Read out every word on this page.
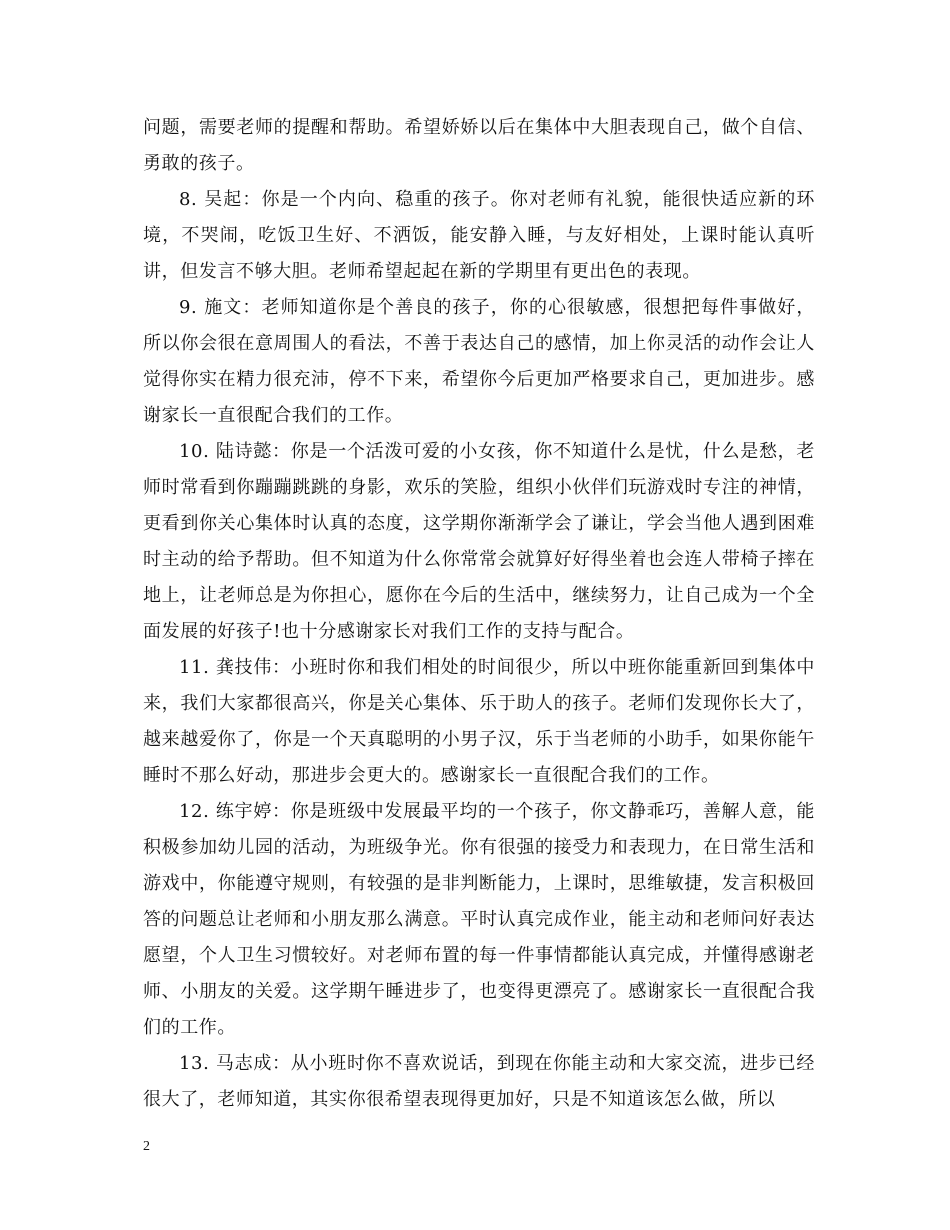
问题，需要老师的提醒和帮助。希望娇娇以后在集体中大胆表现自己，做个自信、勇敢的孩子。

8. 吴起：你是一个内向、稳重的孩子。你对老师有礼貌，能很快适应新的环境，不哭闹，吃饭卫生好、不洒饭，能安静入睡，与友好相处，上课时能认真听讲，但发言不够大胆。老师希望起起在新的学期里有更出色的表现。

9. 施文：老师知道你是个善良的孩子，你的心很敏感，很想把每件事做好，所以你会很在意周围人的看法，不善于表达自己的感情，加上你灵活的动作会让人觉得你实在精力很充沛，停不下来，希望你今后更加严格要求自己，更加进步。感谢家长一直很配合我们的工作。

10. 陆诗懿：你是一个活泼可爱的小女孩，你不知道什么是忧，什么是愁，老师时常看到你蹦蹦跳跳的身影，欢乐的笑脸，组织小伙伴们玩游戏时专注的神情，更看到你关心集体时认真的态度，这学期你渐渐学会了谦让，学会当他人遇到困难时主动的给予帮助。但不知道为什么你常常会就算好好得坐着也会连人带椅子摔在地上，让老师总是为你担心，愿你在今后的生活中，继续努力，让自己成为一个全面发展的好孩子!也十分感谢家长对我们工作的支持与配合。

11. 龚技伟：小班时你和我们相处的时间很少，所以中班你能重新回到集体中来，我们大家都很高兴，你是关心集体、乐于助人的孩子。老师们发现你长大了，越来越爱你了，你是一个天真聪明的小男子汉，乐于当老师的小助手，如果你能午睡时不那么好动，那进步会更大的。感谢家长一直很配合我们的工作。

12. 练宇婷：你是班级中发展最平均的一个孩子，你文静乖巧，善解人意，能积极参加幼儿园的活动，为班级争光。你有很强的接受力和表现力，在日常生活和游戏中，你能遵守规则，有较强的是非判断能力，上课时，思维敏捷，发言积极回答的问题总让老师和小朋友那么满意。平时认真完成作业，能主动和老师问好表达愿望，个人卫生习惯较好。对老师布置的每一件事情都能认真完成，并懂得感谢老师、小朋友的关爱。这学期午睡进步了，也变得更漂亮了。感谢家长一直很配合我们的工作。

13. 马志成：从小班时你不喜欢说话，到现在你能主动和大家交流，进步已经很大了，老师知道，其实你很希望表现得更加好，只是不知道该怎么做，所以

2
